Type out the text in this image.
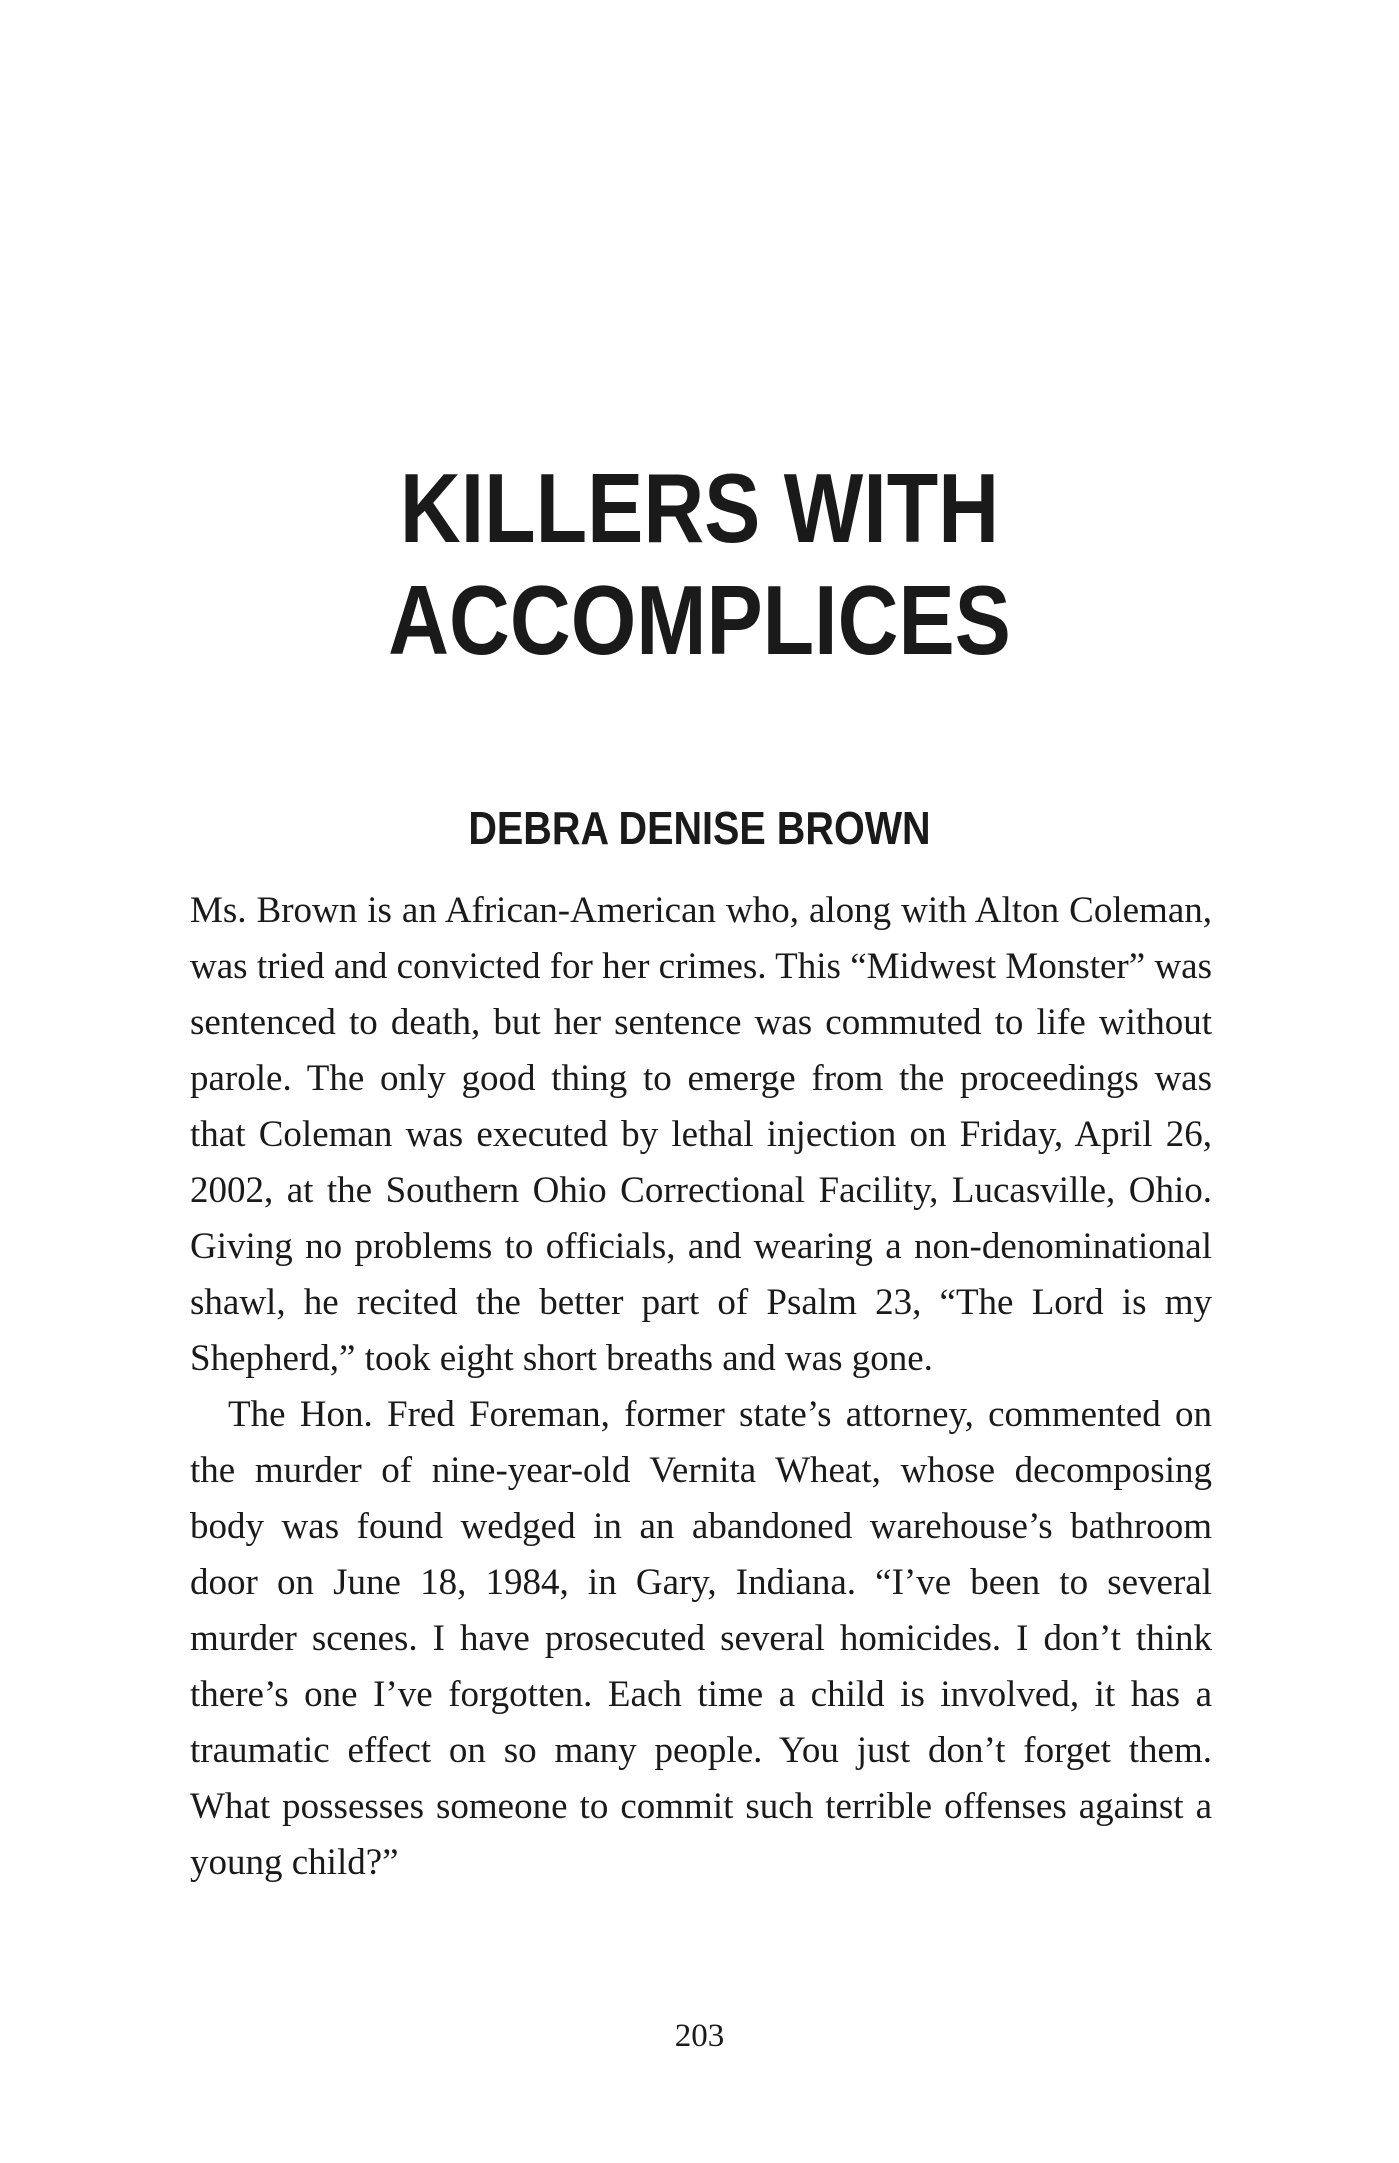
KILLERS WITH
ACCOMPLICES
DEBRA DENISE BROWN

Ms. Brown is an African-American who, along with Alton Coleman, was tried and convicted for her crimes. This “Midwest Monster” was sentenced to death, but her sentence was commuted to life without parole. The only good thing to emerge from the proceedings was that Coleman was executed by lethal injection on Friday, April 26, 2002, at the Southern Ohio Correctional Facility, Lucasville, Ohio. Giving no problems to officials, and wearing a non-denominational shawl, he recited the better part of Psalm 23, “The Lord is my Shepherd,” took eight short breaths and was gone.

The Hon. Fred Foreman, former state’s attorney, commented on the murder of nine-year-old Vernita Wheat, whose decomposing body was found wedged in an abandoned warehouse’s bathroom door on June 18, 1984, in Gary, Indiana. “I’ve been to several murder scenes. I have prosecuted several homicides. I don’t think there’s one I’ve forgotten. Each time a child is involved, it has a traumatic effect on so many people. You just don’t forget them. What possesses someone to commit such terrible offenses against a young child?”

203
